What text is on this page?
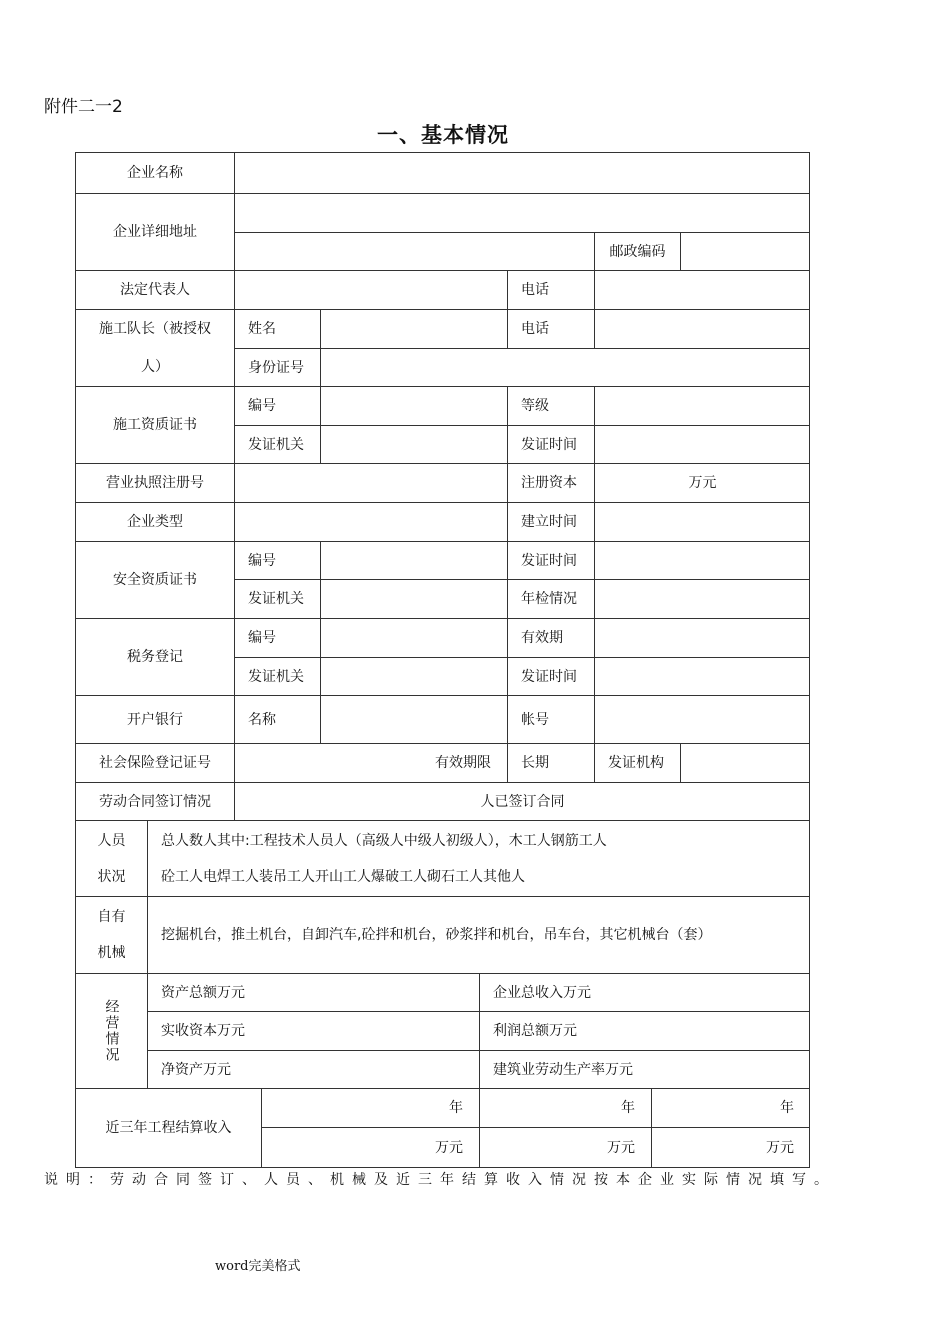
附件二一2
一、基本情况
企业名称
企业详细地址
邮政编码
法定代表人	电话
施工队长（被授权人）
姓名	电话
身份证号
施工资质证书
编号	等级
发证机关	发证时间
营业执照注册号	注册资本	万元
企业类型	建立时间
安全资质证书
编号	发证时间
发证机关	年检情况
税务登记
编号	有效期
发证机关	发证时间
开户银行	名称	帐号
社会保险登记证号	有效期限	长期	发证机构
劳动合同签订情况	人已签订合同
人员状况
总人数人其中:工程技术人员人（高级人中级人初级人），木工人钢筋工人
砼工人电焊工人装吊工人开山工人爆破工人砌石工人其他人
自有机械
挖掘机台，推土机台，自卸汽车,砼拌和机台，砂浆拌和机台，吊车台，其它机械台（套）
经营情况
资产总额万元	企业总收入万元
实收资本万元	利润总额万元
净资产万元	建筑业劳动生产率万元
近三年工程结算收入
年	年	年
万元	万元	万元
说明：劳动合同签订、人员、机械及近三年结算收入情况按本企业实际情况填写。
word完美格式
